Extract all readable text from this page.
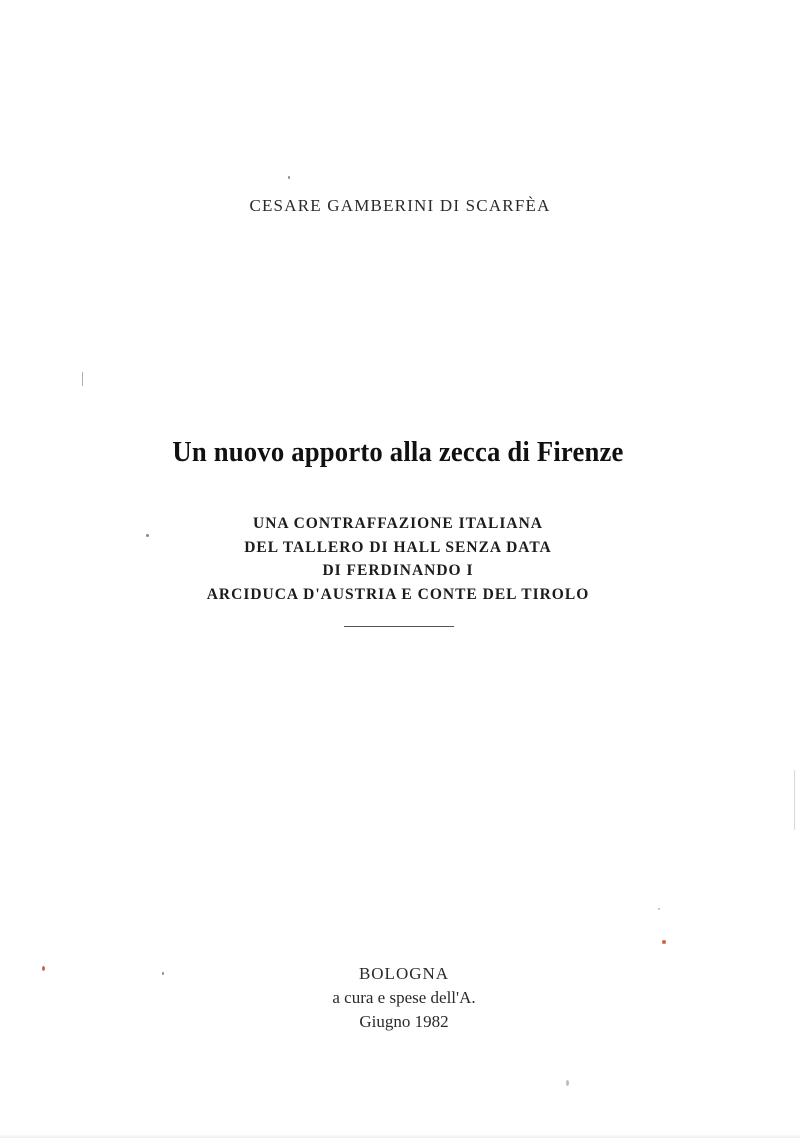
CESARE GAMBERINI DI SCARFÈA
Un nuovo apporto alla zecca di Firenze
UNA CONTRAFFAZIONE ITALIANA
DEL TALLERO DI HALL SENZA DATA
DI FERDINANDO I
ARCIDUCA D'AUSTRIA E CONTE DEL TIROLO
BOLOGNA
a cura e spese dell'A.
Giugno 1982
